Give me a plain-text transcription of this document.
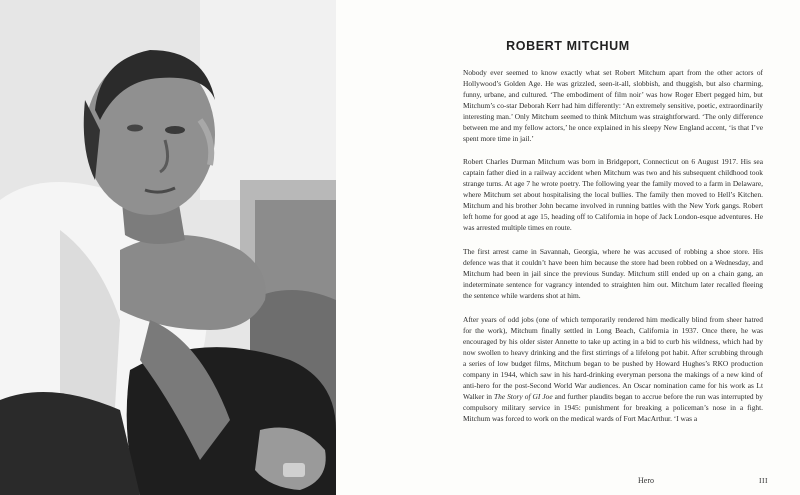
ROBERT MITCHUM

Nobody ever seemed to know exactly what set Robert Mitchum apart from the other actors of Hollywood’s Golden Age. He was grizzled, seen-it-all, slobbish, and thuggish, but also charming, funny, urbane, and cultured. ‘The embodiment of film noir’ was how Roger Ebert pegged him, but Mitchum’s co-star Deborah Kerr had him differently: ‘An extremely sensitive, poetic, extraordinarily interesting man.’ Only Mitchum seemed to think Mitchum was straightforward. ‘The only difference between me and my fellow actors,’ he once explained in his sleepy New England accent, ‘is that I’ve spent more time in jail.’

Robert Charles Durman Mitchum was born in Bridgeport, Connecticut on 6 August 1917. His sea captain father died in a railway accident when Mitchum was two and his subsequent childhood took strange turns. At age 7 he wrote poetry. The following year the family moved to a farm in Delaware, where Mitchum set about hospitalising the local bullies. The family then moved to Hell’s Kitchen. Mitchum and his brother John became involved in running battles with the New York gangs. Robert left home for good at age 15, heading off to California in hope of Jack London-esque adventures. He was arrested multiple times en route.

The first arrest came in Savannah, Georgia, where he was accused of robbing a shoe store. His defence was that it couldn’t have been him because the store had been robbed on a Wednesday, and Mitchum had been in jail since the previous Sunday. Mitchum still ended up on a chain gang, an indeterminate sentence for vagrancy intended to straighten him out. Mitchum later recalled fleeing the sentence while wardens shot at him.

After years of odd jobs (one of which temporarily rendered him medically blind from sheer hatred for the work), Mitchum finally settled in Long Beach, California in 1937. Once there, he was encouraged by his older sister Annette to take up acting in a bid to curb his wildness, which had by now swollen to heavy drinking and the first stirrings of a lifelong pot habit. After scrubbing through a series of low budget films, Mitchum began to be pushed by Howard Hughes’s RKO production company in 1944, which saw in his hard-drinking everyman persona the makings of a new kind of anti-hero for the post-Second World War audiences. An Oscar nomination came for his work as Lt Walker in The Story of GI Joe and further plaudits began to accrue before the run was interrupted by compulsory military service in 1945: punishment for breaking a policeman’s nose in a fight. Mitchum was forced to work on the medical wards of Fort MacArthur. ‘I was a

Hero	III
